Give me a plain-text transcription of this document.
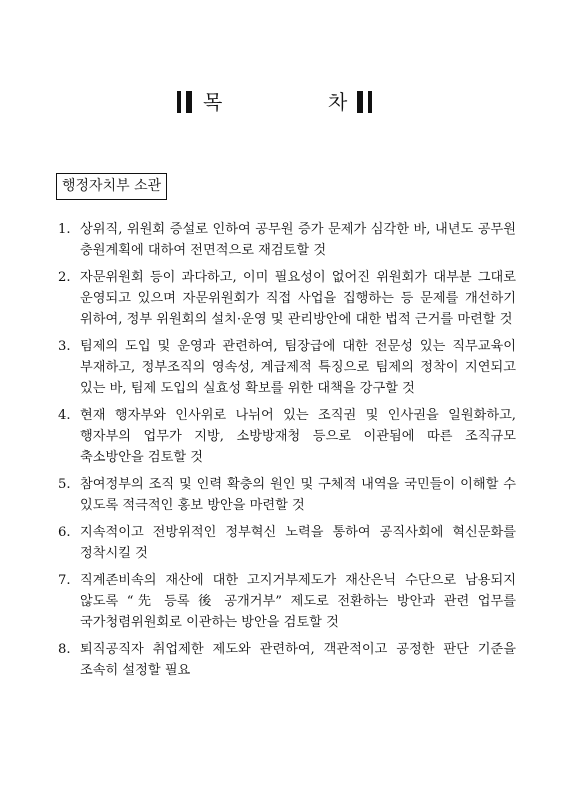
목	차
행정자치부 소관
1. 상위직, 위원회 증설로 인하여 공무원 증가 문제가 심각한 바, 내년도 공무원 충원계획에 대하여 전면적으로 재검토할 것
2. 자문위원회 등이 과다하고, 이미 필요성이 없어진 위원회가 대부분 그대로 운영되고 있으며 자문위원회가 직접 사업을 집행하는 등 문제를 개선하기 위하여, 정부 위원회의 설치·운영 및 관리방안에 대한 법적 근거를 마련할 것
3. 팀제의 도입 및 운영과 관련하여, 팀장급에 대한 전문성 있는 직무교육이 부재하고, 정부조직의 영속성, 계급제적 특징으로 팀제의 정착이 지연되고 있는 바, 팀제 도입의 실효성 확보를 위한 대책을 강구할 것
4. 현재 행자부와 인사위로 나뉘어 있는 조직권 및 인사권을 일원화하고, 행자부의 업무가 지방, 소방방재청 등으로 이관됨에 따른 조직규모 축소방안을 검토할 것
5. 참여정부의 조직 및 인력 확충의 원인 및 구체적 내역을 국민들이 이해할 수 있도록 적극적인 홍보 방안을 마련할 것
6. 지속적이고 전방위적인 정부혁신 노력을 통하여 공직사회에 혁신문화를 정착시킬 것
7. 직계존비속의 재산에 대한 고지거부제도가 재산은닉 수단으로 남용되지 않도록 “先 등록 後 공개거부” 제도로 전환하는 방안과 관련 업무를 국가청렴위원회로 이관하는 방안을 검토할 것
8. 퇴직공직자 취업제한 제도와 관련하여, 객관적이고 공정한 판단 기준을 조속히 설정할 필요
